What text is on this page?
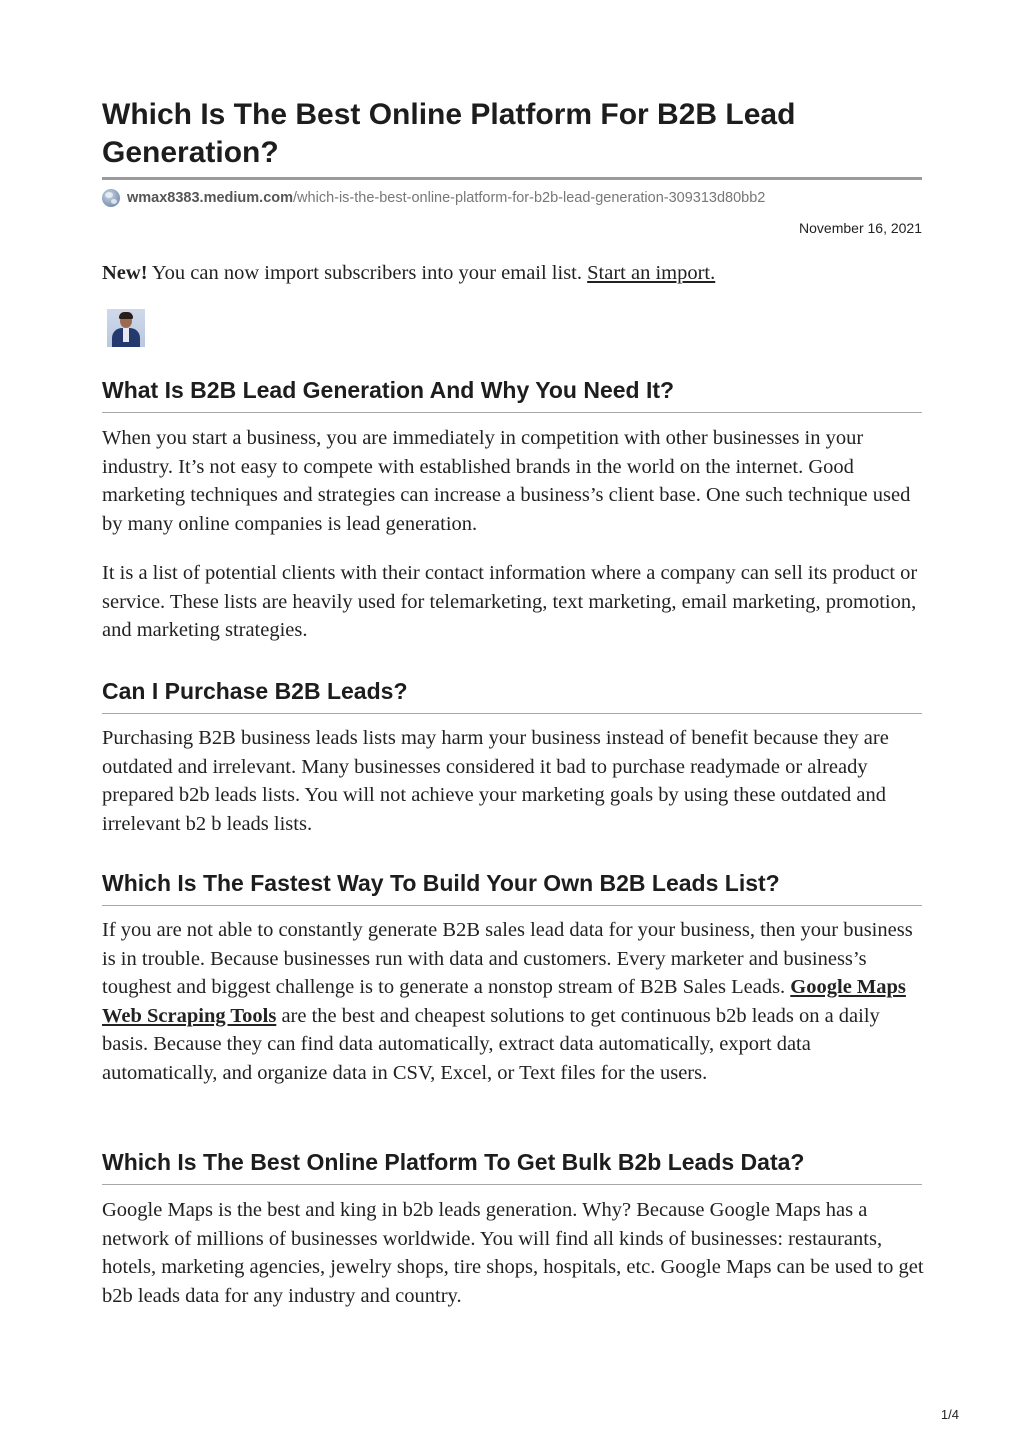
Which Is The Best Online Platform For B2B Lead Generation?
wmax8383.medium.com /which-is-the-best-online-platform-for-b2b-lead-generation-309313d80bb2
November 16, 2021
New! You can now import subscribers into your email list. Start an import.
What Is B2B Lead Generation And Why You Need It?

When you start a business, you are immediately in competition with other businesses in your industry. It’s not easy to compete with established brands in the world on the internet. Good marketing techniques and strategies can increase a business’s client base. One such technique used by many online companies is lead generation.

It is a list of potential clients with their contact information where a company can sell its product or service. These lists are heavily used for telemarketing, text marketing, email marketing, promotion, and marketing strategies.

Can I Purchase B2B Leads?

Purchasing B2B business leads lists may harm your business instead of benefit because they are outdated and irrelevant. Many businesses considered it bad to purchase readymade or already prepared b2b leads lists. You will not achieve your marketing goals by using these outdated and irrelevant b2 b leads lists.

Which Is The Fastest Way To Build Your Own B2B Leads List?

If you are not able to constantly generate B2B sales lead data for your business, then your business is in trouble. Because businesses run with data and customers. Every marketer and business’s toughest and biggest challenge is to generate a nonstop stream of B2B Sales Leads. Google Maps Web Scraping Tools are the best and cheapest solutions to get continuous b2b leads on a daily basis. Because they can find data automatically, extract data automatically, export data automatically, and organize data in CSV, Excel, or Text files for the users.

Which Is The Best Online Platform To Get Bulk B2b Leads Data?

Google Maps is the best and king in b2b leads generation. Why? Because Google Maps has a network of millions of businesses worldwide. You will find all kinds of businesses: restaurants, hotels, marketing agencies, jewelry shops, tire shops, hospitals, etc. Google Maps can be used to get b2b leads data for any industry and country.

1/4
